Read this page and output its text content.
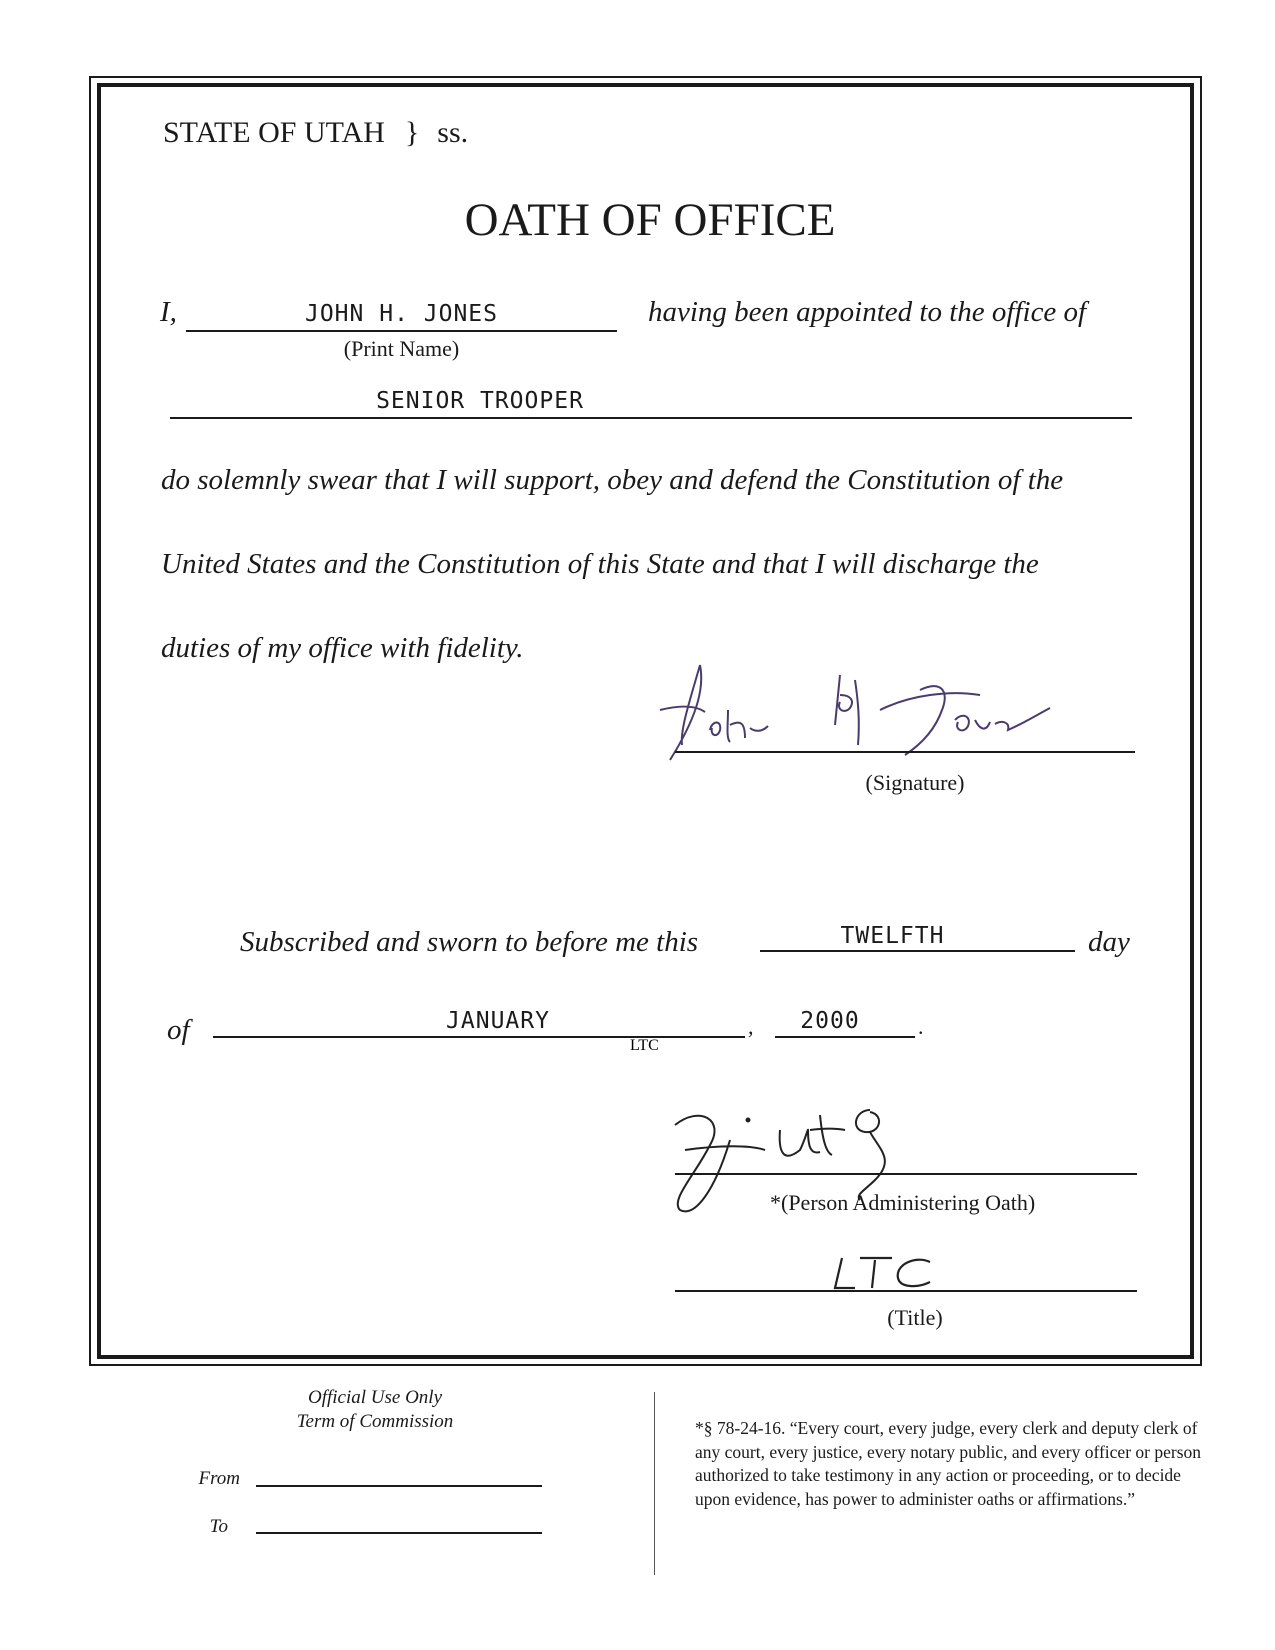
STATE OF UTAH } ss.
OATH OF OFFICE
I,	JOHN H. JONES
(Print Name)
having been appointed to the office of
SENIOR TROOPER
do solemnly swear that I will support, obey and defend the Constitution of the
United States and the Constitution of this State and that I will discharge the
duties of my office with fidelity.
(Signature)
Subscribed and sworn to before me this	TWELFTH	day
of	JANUARY	,	2000	.
*(Person Administering Oath)
LTC
(Title)
Official Use Only
Term of Commission
From
To
*§ 78-24-16. “Every court, every judge, every clerk and deputy clerk of any court, every justice, every notary public, and every officer or person authorized to take testimony in any action or proceeding, or to decide upon evidence, has power to administer oaths or affirmations.”
